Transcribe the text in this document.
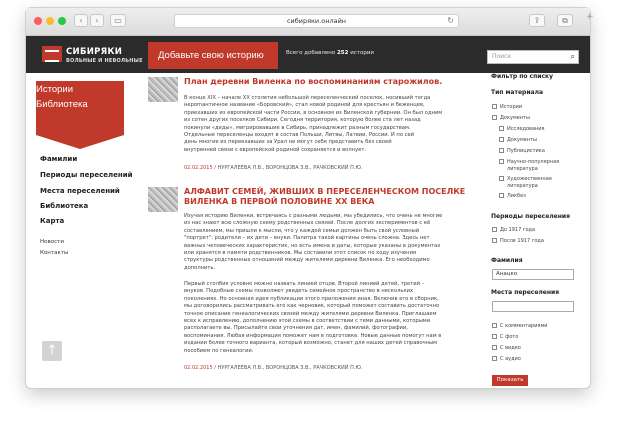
‹	›	▭	сибиряки.онлайн	↻	⇪	⧉	+
СИБИРЯКИ
ВОЛЬНЫЕ И НЕВОЛЬНЫЕ	Добавьте свою историю	Всего добавлено 252 истории	Поиск	⌕
Истории
Библиотека
Фамилии
Периоды переселений
Места переселений
Библиотека
Карта
Новости
Контакты
↑
План деревни Виленка по воспоминаниям старожилов.
В конце XIX – начале XX столетия небольшой переселенческий поселок, носивший тогда
нерomантичное название «Боровский», стал новой родиной для крестьян и беженцев,
приехавших из европейской части России, в основном из Виленской губернии. Он был одним
из сотен других поселков Сибири. Сегодня территория, которую более ста лет назад
покинули «деды», мигрировавшие в Сибирь, принадлежит разным государствам.
Отдельные переселенцы входят в состав Польши, Литвы, Латвии, России. И по сей
день многие из переехавших за Урал не могут себя представить без своей
внутренней связи с европейской родиной сохраняется и волнует.
02.02.2015 / НУРГАЛЕЕВА Л.В., ВОРОНЦОВА З.В., РАЧКОВСКИЙ П.Ю.
АЛФАВИТ СЕМЕЙ, ЖИВШИХ В ПЕРЕСЕЛЕНЧЕСКОМ ПОСЕЛКЕ
ВИЛЕНКА В ПЕРВОЙ ПОЛОВИНЕ ХХ ВЕКА
Изучая историю Виленки, встречаясь с разными людьми, мы убедились, что очень не многие
из нас знают всю сложную схему родственных связей. После долгих экспериментов с её
составлением, мы пришли к мысли, что у каждой семьи должен быть свой условный
"портрет": родители – их дети – внуки. Палитра такой картины очень сложна. Здесь нет
важных человеческих характеристик, но есть имена и даты, которые указаны в документах
или хранятся в памяти родственников. Мы составили этот список по ходу изучения
структуры родственных отношений между жителями деревни Виленка. Его необходимо
дополнить.
Первый столбик условно можно назвать линией отцов. Второй линией детей, третий –
внуков. Подобные схемы позволяют увидеть семейное пространство в нескольких
поколениях. Но основная идея публикации этого приложения иная. Включив его в сборник,
мы договорились рассматривать его как черновик, который поможет составить достаточно
точное описание генеалогических связей между жителями деревни Виленка. Приглашаем
всех к исправлению, дополнению этой схемы в соответствии с теми данными, которыми
располагаете вы. Присылайте свои уточнения дат, имен, фамилий, фотографии,
воспоминания. Любая информация поможет нам в подготовке. Новые данные помогут нам в
издании более точного варианта, который возможно, станет для наших детей справочным
пособием по генеалогии.
02.02.2015 / НУРГАЛЕЕВА Л.В., ВОРОНЦОВА З.В., РАЧКОВСКИЙ П.Ю.
Фильтр по списку
Тип материала
Истории
Документы
Исследования
Документы
Публицистика
Научно-популярная
литература
Художественная
литература
Ликбез
Периоды переселения
До 1917 года
После 1917 года
Фамилия
Анацко
Места переселения
С комментариями
С фото
С видео
С аудио
Показать
